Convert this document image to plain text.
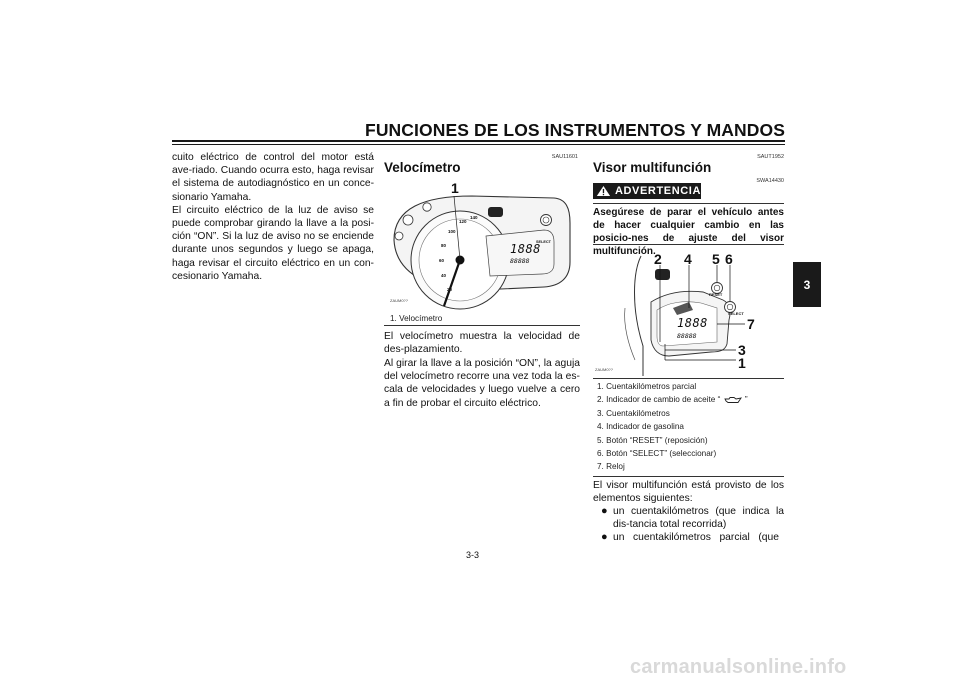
FUNCIONES DE LOS INSTRUMENTOS Y MANDOS
3
cuito eléctrico de control del motor está ave-riado. Cuando ocurra esto, haga revisar el sistema de autodiagnóstico en un conce-sionario Yamaha.
El circuito eléctrico de la luz de aviso se puede comprobar girando la llave a la posi-ción “ON”. Si la luz de aviso no se enciende durante unos segundos y luego se apaga, haga revisar el circuito eléctrico en un con-cesionario Yamaha.
SAU11601
Velocímetro
1
SELECT
1888
88888
ZAUM0??
20
40
60
80
100
120
140
1. Velocímetro
El velocímetro muestra la velocidad de des-plazamiento.
Al girar la llave a la posición “ON”, la aguja del velocímetro recorre una vez toda la es-cala de velocidades y luego vuelve a cero a fin de probar el circuito eléctrico.
SAUT1952
Visor multifunción
ADVERTENCIA
SWA14430
Asegúrese de parar el vehículo antes de hacer cualquier cambio en las posicio-nes de ajuste del visor multifunción.
2 4 5 6
7
3
1
RESET
SELECT
1888
88888
ZAUM0??
1. Cuentakilómetros parcial
2. Indicador de cambio de aceite “	”
3. Cuentakilómetros
4. Indicador de gasolina
5. Botón “RESET” (reposición)
6. Botón “SELECT” (seleccionar)
7. Reloj
El visor multifunción está provisto de los elementos siguientes:
● un cuentakilómetros (que indica la dis-tancia total recorrida)
● un   cuentakilómetros   parcial   (que
3-3
carmanualsonline.info
